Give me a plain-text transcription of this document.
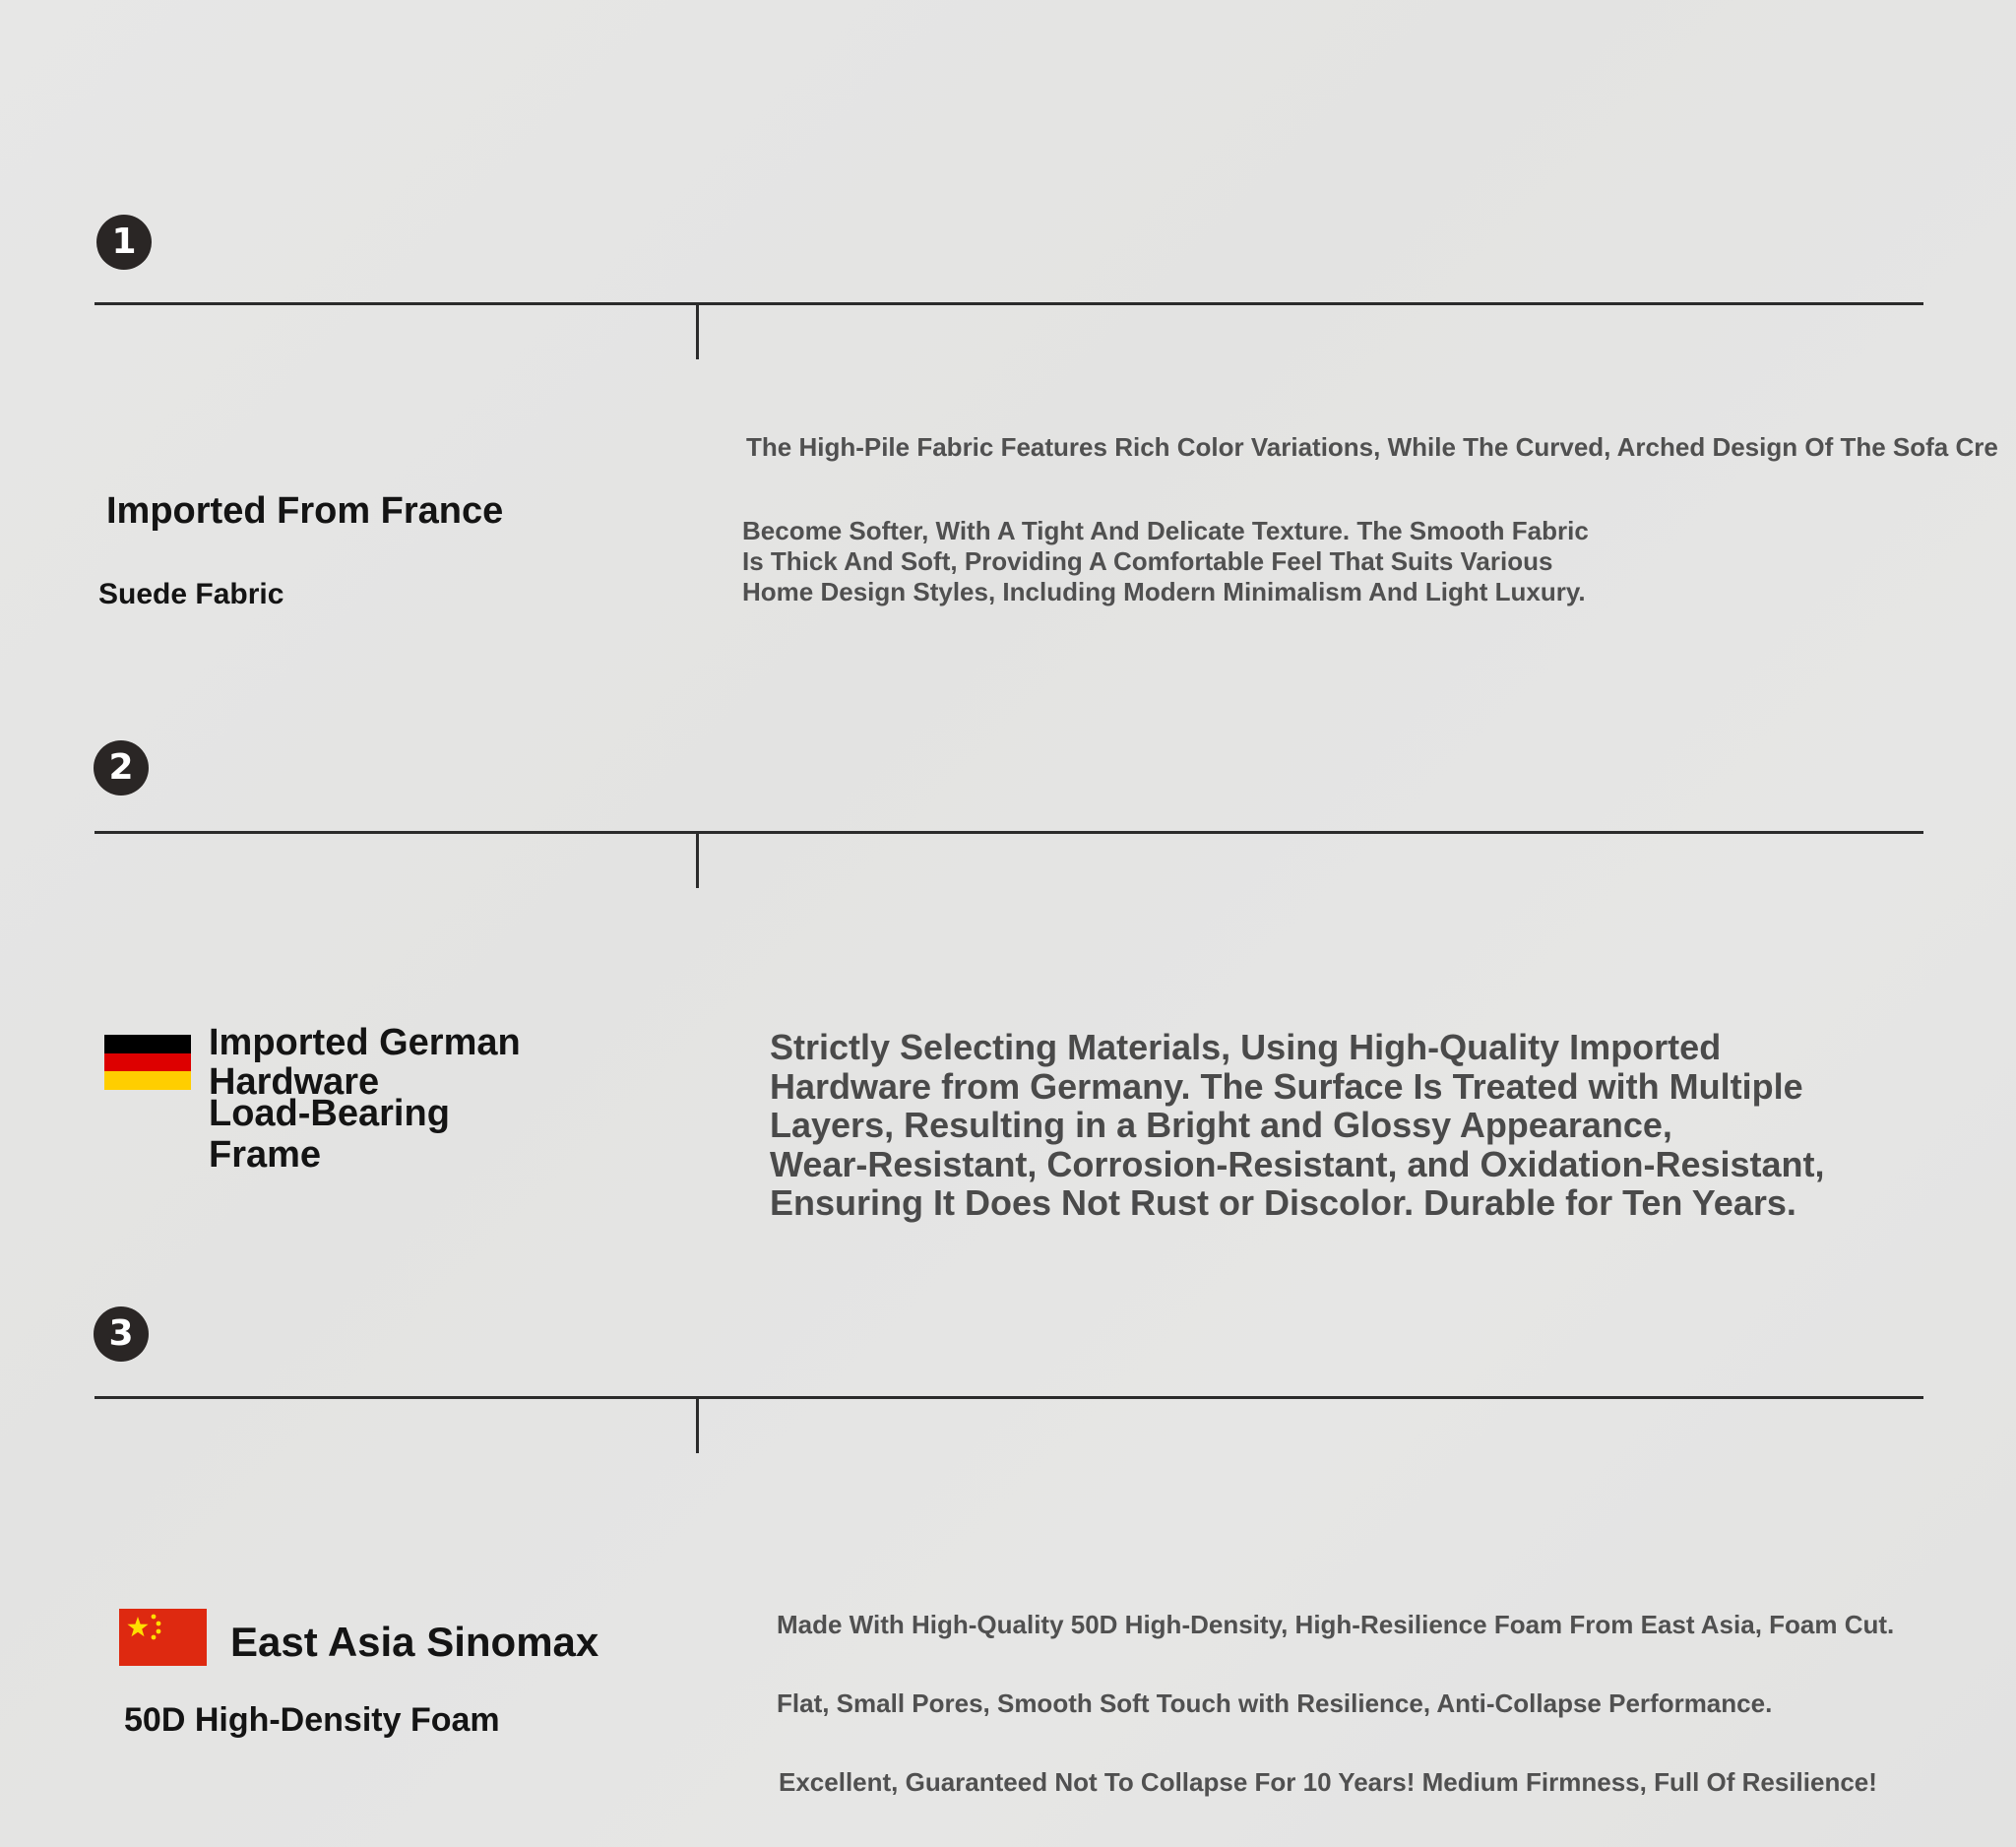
1
Imported From France
Suede Fabric
The High-Pile Fabric Features Rich Color Variations, While The Curved, Arched Design Of The Sofa Cre
Become Softer, With A Tight And Delicate Texture. The Smooth Fabric
Is Thick And Soft, Providing A Comfortable Feel That Suits Various
Home Design Styles, Including Modern Minimalism And Light Luxury.
2
Imported German
Hardware
Load-Bearing
Frame
Strictly Selecting Materials, Using High-Quality Imported
Hardware from Germany. The Surface Is Treated with Multiple
Layers, Resulting in a Bright and Glossy Appearance,
Wear-Resistant, Corrosion-Resistant, and Oxidation-Resistant,
Ensuring It Does Not Rust or Discolor. Durable for Ten Years.
3
East Asia Sinomax
50D High-Density Foam
Made With High-Quality 50D High-Density, High-Resilience Foam From East Asia, Foam Cut.
Flat, Small Pores, Smooth Soft Touch with Resilience, Anti-Collapse Performance.
Excellent, Guaranteed Not To Collapse For 10 Years! Medium Firmness, Full Of Resilience!
